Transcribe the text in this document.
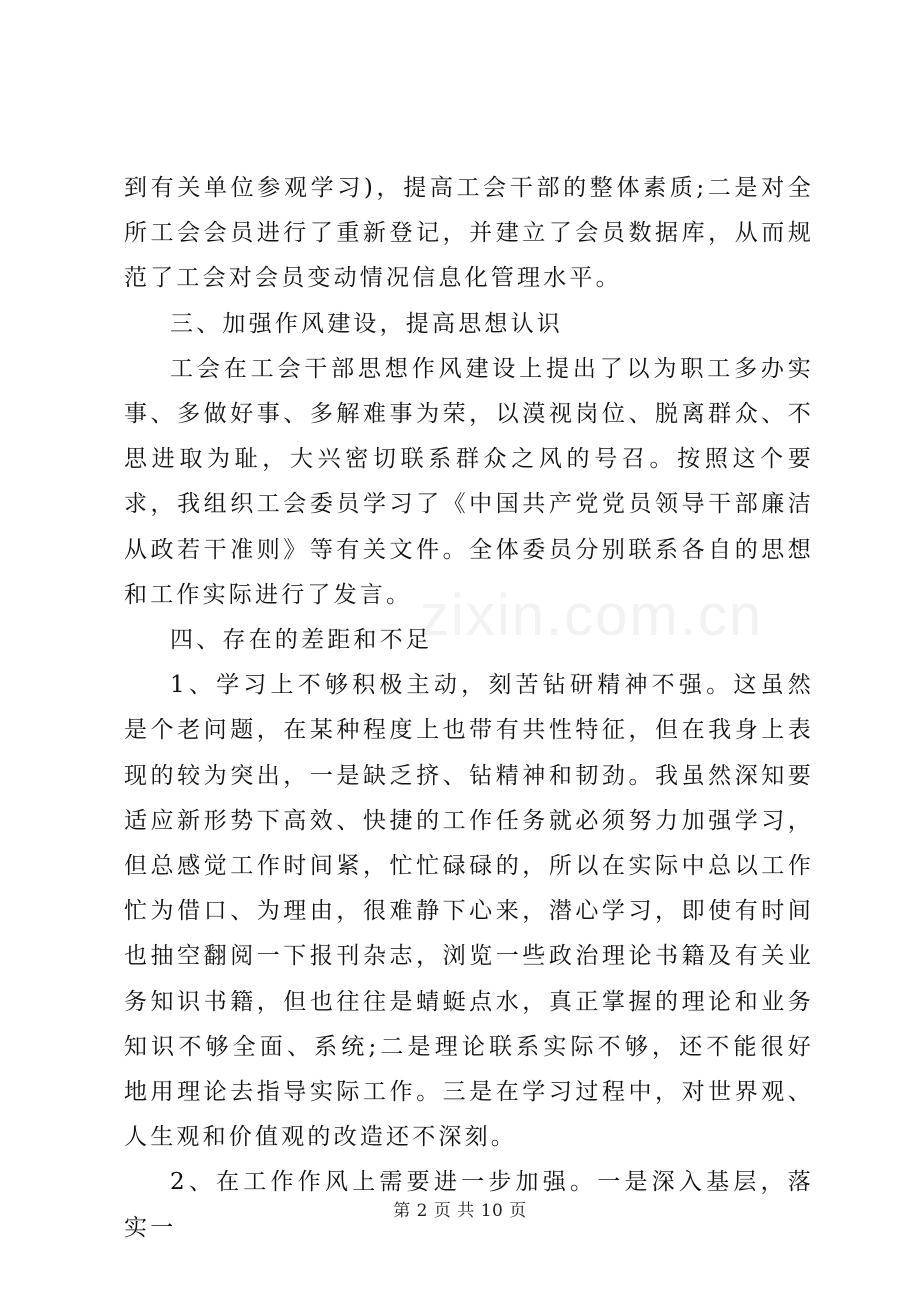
zixin.com.cn

到有关单位参观学习)，提高工会干部的整体素质;二是对全所工会会员进行了重新登记，并建立了会员数据库，从而规范了工会对会员变动情况信息化管理水平。

三、加强作风建设，提高思想认识

工会在工会干部思想作风建设上提出了以为职工多办实事、多做好事、多解难事为荣，以漠视岗位、脱离群众、不思进取为耻，大兴密切联系群众之风的号召。按照这个要求，我组织工会委员学习了《中国共产党党员领导干部廉洁从政若干准则》等有关文件。全体委员分别联系各自的思想和工作实际进行了发言。

四、存在的差距和不足

1、学习上不够积极主动，刻苦钻研精神不强。这虽然是个老问题，在某种程度上也带有共性特征，但在我身上表现的较为突出，一是缺乏挤、钻精神和韧劲。我虽然深知要适应新形势下高效、快捷的工作任务就必须努力加强学习，但总感觉工作时间紧，忙忙碌碌的，所以在实际中总以工作忙为借口、为理由，很难静下心来，潜心学习，即使有时间也抽空翻阅一下报刊杂志，浏览一些政治理论书籍及有关业务知识书籍，但也往往是蜻蜓点水，真正掌握的理论和业务知识不够全面、系统;二是理论联系实际不够，还不能很好地用理论去指导实际工作。三是在学习过程中，对世界观、人生观和价值观的改造还不深刻。

2、在工作作风上需要进一步加强。一是深入基层，落实一

第 2 页 共 10 页
